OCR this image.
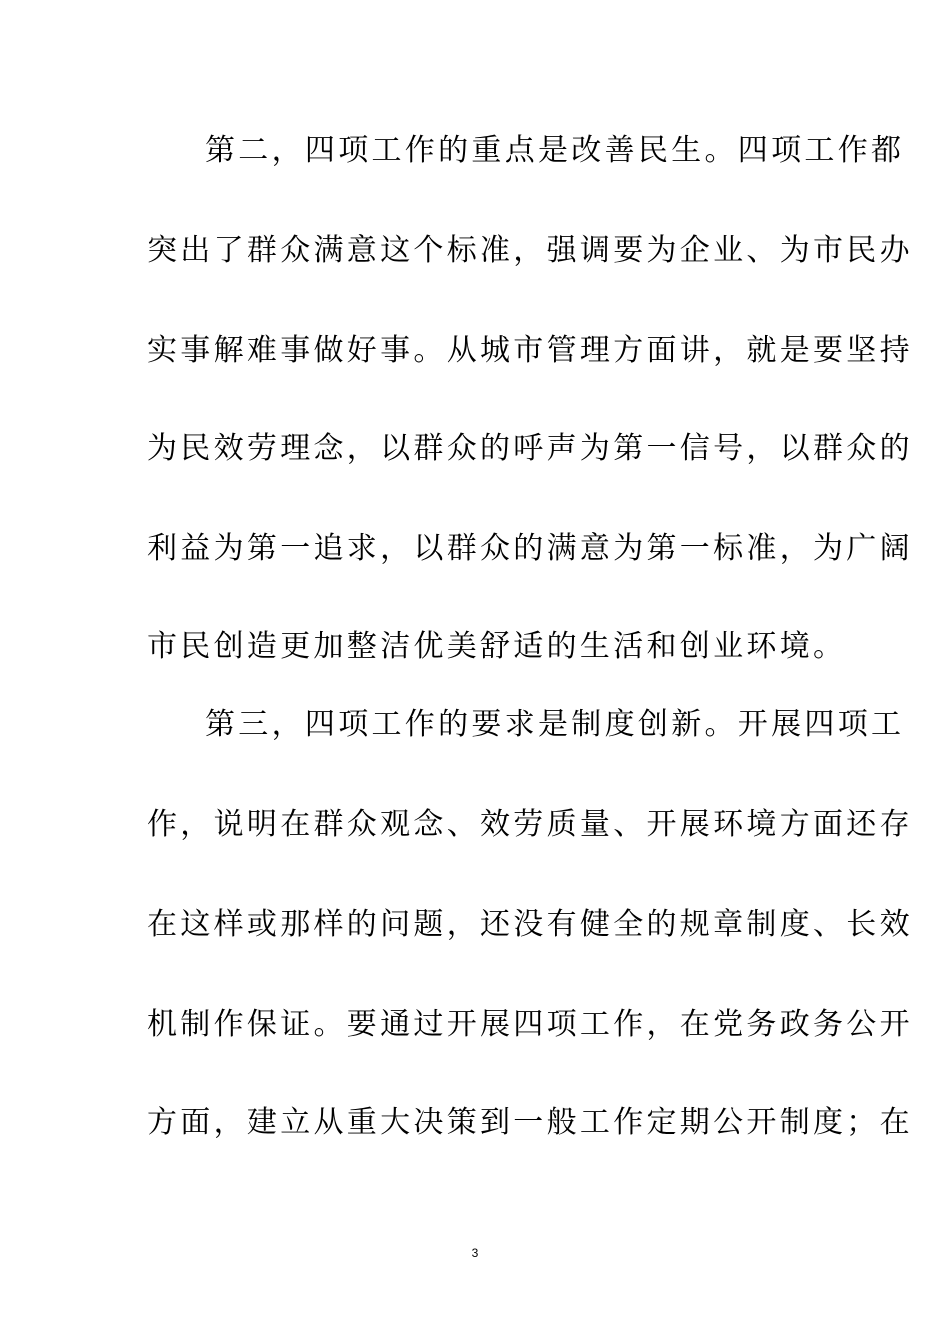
第二，四项工作的重点是改善民生。四项工作都
突出了群众满意这个标准，强调要为企业、为市民办
实事解难事做好事。从城市管理方面讲，就是要坚持
为民效劳理念，以群众的呼声为第一信号，以群众的
利益为第一追求，以群众的满意为第一标准，为广阔
市民创造更加整洁优美舒适的生活和创业环境。
第三，四项工作的要求是制度创新。开展四项工
作，说明在群众观念、效劳质量、开展环境方面还存
在这样或那样的问题，还没有健全的规章制度、长效
机制作保证。要通过开展四项工作，在党务政务公开
方面，建立从重大决策到一般工作定期公开制度；在
3
